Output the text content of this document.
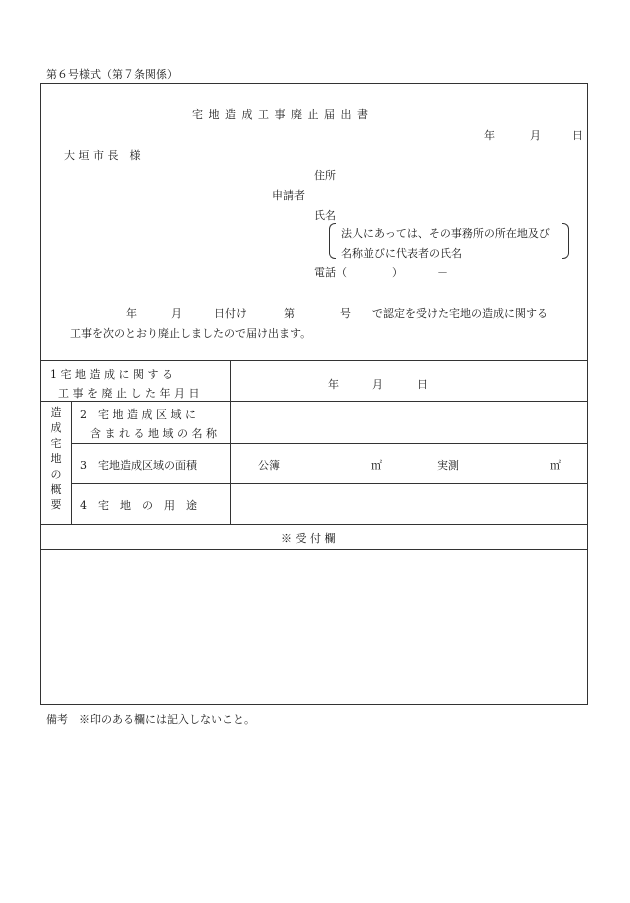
第６号様式（第７条関係）
宅 地 造 成 工 事 廃 止 届 出 書
年	月	日
大 垣 市 長　様
住所
申請者
氏名
法人にあっては、その事務所の所在地及び
名称並びに代表者の氏名
電話（	）	－
年	月	日付け	第	号 で認定を受けた宅地の造成に関する
工事を次のとおり廃止しましたので届け出ます。
1 宅 地 造 成 に 関 す る
工 事 を 廃 止 し た 年 月 日
年	月	日
造
成
宅
地
の
概
要
2　宅 地 造 成 区 域 に
含 ま れ る 地 域 の 名 称
3　宅地造成区域の面積	公簿	㎡	実測	㎡
4　宅　地　の　用　途
※ 受 付 欄
備考　※印のある欄には記入しないこと。
